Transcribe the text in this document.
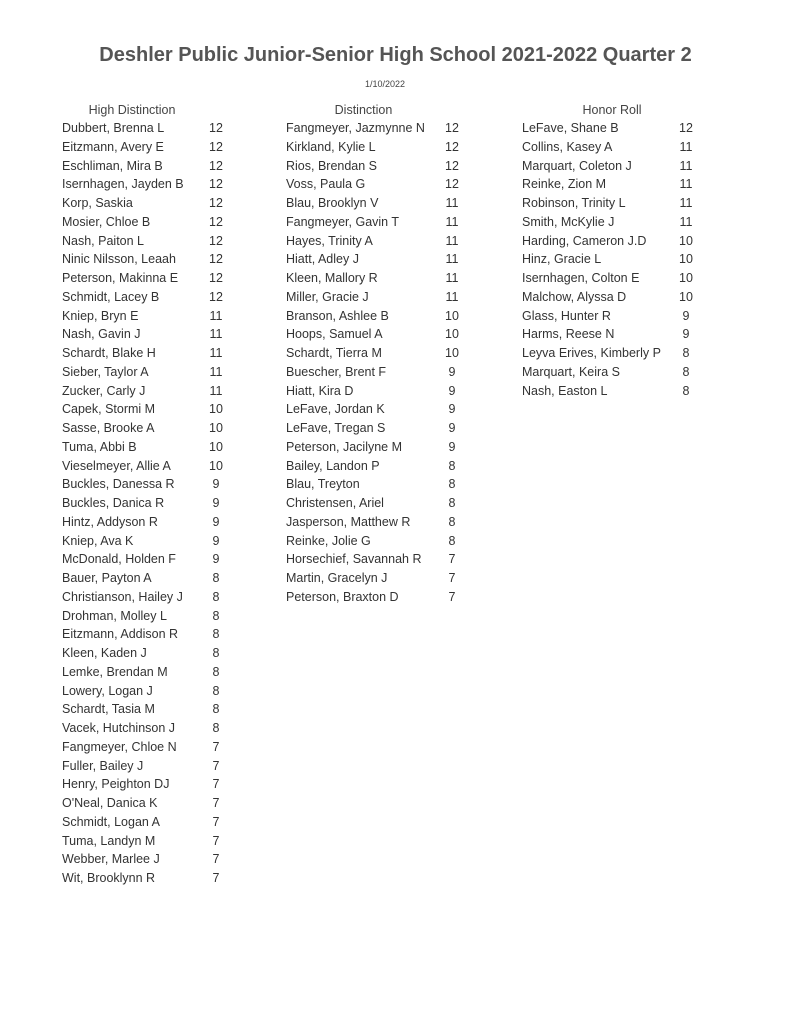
Deshler Public Junior-Senior High School 2021-2022 Quarter 2
1/10/2022
High Distinction
Dubbert, Brenna L	12
Eitzmann, Avery E	12
Eschliman, Mira B	12
Isernhagen, Jayden B	12
Korp, Saskia	12
Mosier, Chloe B	12
Nash, Paiton L	12
Ninic Nilsson, Leaah	12
Peterson, Makinna E	12
Schmidt, Lacey B	12
Kniep, Bryn E	11
Nash, Gavin J	11
Schardt, Blake H	11
Sieber, Taylor A	11
Zucker, Carly J	11
Capek, Stormi M	10
Sasse, Brooke A	10
Tuma, Abbi B	10
Vieselmeyer, Allie A	10
Buckles, Danessa R	9
Buckles, Danica R	9
Hintz, Addyson R	9
Kniep, Ava K	9
McDonald, Holden F	9
Bauer, Payton A	8
Christianson, Hailey J	8
Drohman, Molley L	8
Eitzmann, Addison R	8
Kleen, Kaden J	8
Lemke, Brendan M	8
Lowery, Logan J	8
Schardt, Tasia M	8
Vacek, Hutchinson J	8
Fangmeyer, Chloe N	7
Fuller, Bailey J	7
Henry, Peighton DJ	7
O'Neal, Danica K	7
Schmidt, Logan A	7
Tuma, Landyn M	7
Webber, Marlee J	7
Wit, Brooklynn R	7
Distinction
Fangmeyer, Jazmynne N	12
Kirkland, Kylie L	12
Rios, Brendan S	12
Voss, Paula G	12
Blau, Brooklyn V	11
Fangmeyer, Gavin T	11
Hayes, Trinity A	11
Hiatt, Adley J	11
Kleen, Mallory R	11
Miller, Gracie J	11
Branson, Ashlee B	10
Hoops, Samuel A	10
Schardt, Tierra M	10
Buescher, Brent F	9
Hiatt, Kira D	9
LeFave, Jordan K	9
LeFave, Tregan S	9
Peterson, Jacilyne M	9
Bailey, Landon P	8
Blau, Treyton	8
Christensen, Ariel	8
Jasperson, Matthew R	8
Reinke, Jolie G	8
Horsechief, Savannah R	7
Martin, Gracelyn J	7
Peterson, Braxton D	7
Honor Roll
LeFave, Shane B	12
Collins, Kasey A	11
Marquart, Coleton J	11
Reinke, Zion M	11
Robinson, Trinity L	11
Smith, McKylie J	11
Harding, Cameron J.D	10
Hinz, Gracie L	10
Isernhagen, Colton E	10
Malchow, Alyssa D	10
Glass, Hunter R	9
Harms, Reese N	9
Leyva Erives, Kimberly P	8
Marquart, Keira S	8
Nash, Easton L	8
